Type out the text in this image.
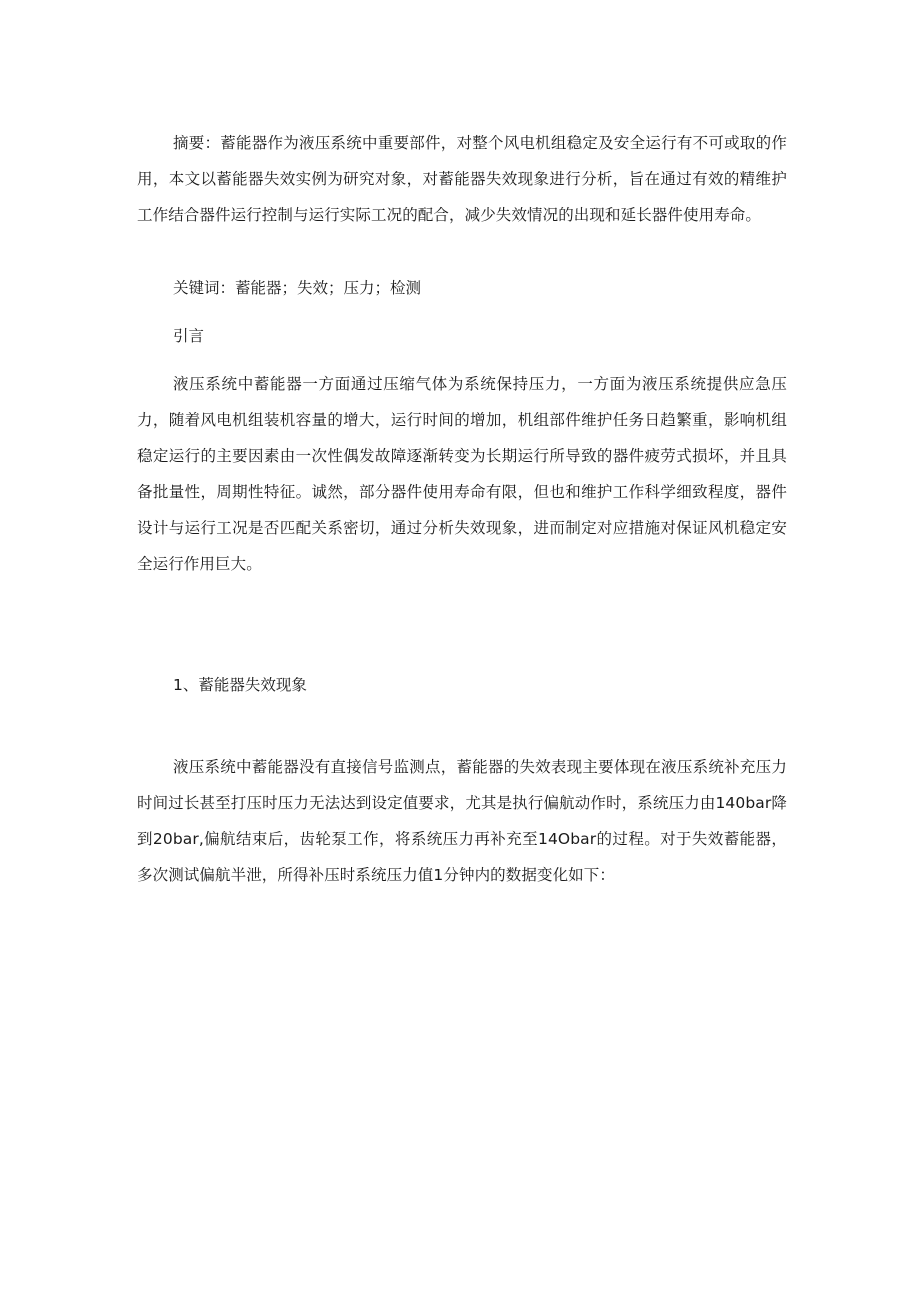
摘要：蓄能器作为液压系统中重要部件，对整个风电机组稳定及安全运行有不可或取的作用，本文以蓄能器失效实例为研究对象，对蓄能器失效现象进行分析，旨在通过有效的精维护工作结合器件运行控制与运行实际工况的配合，减少失效情况的出现和延长器件使用寿命。

关键词：蓄能器；失效；压力；检测

引言

液压系统中蓄能器一方面通过压缩气体为系统保持压力，一方面为液压系统提供应急压力，随着风电机组装机容量的增大，运行时间的增加，机组部件维护任务日趋繁重，影响机组稳定运行的主要因素由一次性偶发故障逐渐转变为长期运行所导致的器件疲劳式损坏，并且具备批量性，周期性特征。诚然，部分器件使用寿命有限，但也和维护工作科学细致程度，器件设计与运行工况是否匹配关系密切，通过分析失效现象，进而制定对应措施对保证风机稳定安全运行作用巨大。

1、蓄能器失效现象

液压系统中蓄能器没有直接信号监测点，蓄能器的失效表现主要体现在液压系统补充压力时间过长甚至打压时压力无法达到设定值要求，尤其是执行偏航动作时，系统压力由140bar降到20bar,偏航结束后，齿轮泵工作，将系统压力再补充至14Obar的过程。对于失效蓄能器，多次测试偏航半泄，所得补压时系统压力值1分钟内的数据变化如下：
